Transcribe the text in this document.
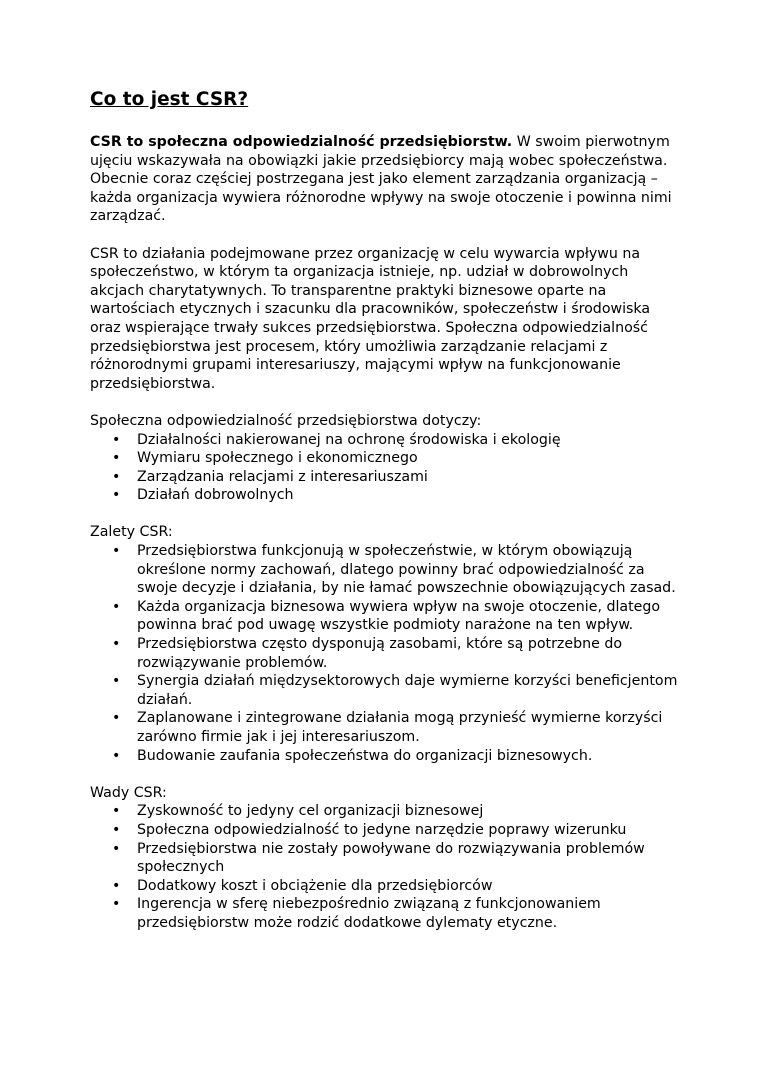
Co to jest CSR?

CSR to społeczna odpowiedzialność przedsiębiorstw. W swoim pierwotnym ujęciu wskazywała na obowiązki jakie przedsiębiorcy mają wobec społeczeństwa. Obecnie coraz częściej postrzegana jest jako element zarządzania organizacją – każda organizacja wywiera różnorodne wpływy na swoje otoczenie i powinna nimi zarządzać.

CSR to działania podejmowane przez organizację w celu wywarcia wpływu na społeczeństwo, w którym ta organizacja istnieje, np. udział w dobrowolnych akcjach charytatywnych. To transparentne praktyki biznesowe oparte na wartościach etycznych i szacunku dla pracowników, społeczeństw i środowiska oraz wspierające trwały sukces przedsiębiorstwa. Społeczna odpowiedzialność przedsiębiorstwa jest procesem, który umożliwia zarządzanie relacjami z różnorodnymi grupami interesariuszy, mającymi wpływ na funkcjonowanie przedsiębiorstwa.

Społeczna odpowiedzialność przedsiębiorstwa dotyczy:

• Działalności nakierowanej na ochronę środowiska i ekologię
• Wymiaru społecznego i ekonomicznego
• Zarządzania relacjami z interesariuszami
• Działań dobrowolnych

Zalety CSR:

• Przedsiębiorstwa funkcjonują w społeczeństwie, w którym obowiązują określone normy zachowań, dlatego powinny brać odpowiedzialność za swoje decyzje i działania, by nie łamać powszechnie obowiązujących zasad.
• Każda organizacja biznesowa wywiera wpływ na swoje otoczenie, dlatego powinna brać pod uwagę wszystkie podmioty narażone na ten wpływ.
• Przedsiębiorstwa często dysponują zasobami, które są potrzebne do rozwiązywanie problemów.
• Synergia działań międzysektorowych daje wymierne korzyści beneficjentom działań.
• Zaplanowane i zintegrowane działania mogą przynieść wymierne korzyści zarówno firmie jak i jej interesariuszom.
• Budowanie zaufania społeczeństwa do organizacji biznesowych.

Wady CSR:

• Zyskowność to jedyny cel organizacji biznesowej
• Społeczna odpowiedzialność to jedyne narzędzie poprawy wizerunku
• Przedsiębiorstwa nie zostały powoływane do rozwiązywania problemów społecznych
• Dodatkowy koszt i obciążenie dla przedsiębiorców
• Ingerencja w sferę niebezpośrednio związaną z funkcjonowaniem przedsiębiorstw może rodzić dodatkowe dylematy etyczne.
